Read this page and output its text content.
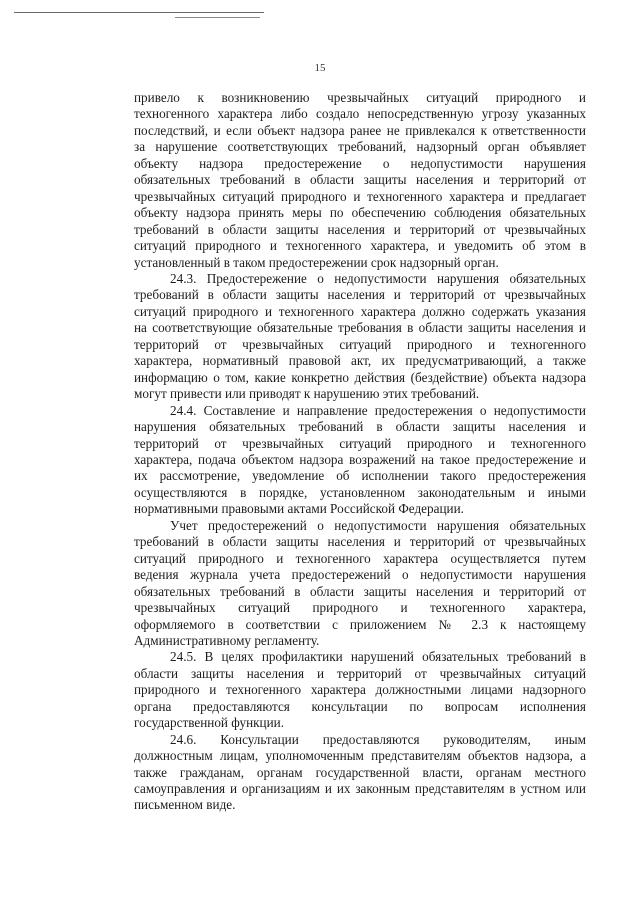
15

привело к возникновению чрезвычайных ситуаций природного и

техногенного характера либо создало непосредственную угрозу указанных

последствий, и если объект надзора ранее не привлекался к ответственности

за нарушение соответствующих требований, надзорный орган объявляет

объекту надзора предостережение о недопустимости нарушения

обязательных требований в области защиты населения и территорий от

чрезвычайных ситуаций природного и техногенного характера и предлагает

объекту надзора принять меры по обеспечению соблюдения обязательных

требований в области защиты населения и территорий от чрезвычайных

ситуаций природного и техногенного характера, и уведомить об этом в

установленный в таком предостережении срок надзорный орган.

24.3. Предостережение о недопустимости нарушения обязательных

требований в области защиты населения и территорий от чрезвычайных

ситуаций природного и техногенного характера должно содержать указания

на соответствующие обязательные требования в области защиты населения и

территорий от чрезвычайных ситуаций природного и техногенного

характера, нормативный правовой акт, их предусматривающий, а также

информацию о том, какие конкретно действия (бездействие) объекта надзора

могут привести или приводят к нарушению этих требований.

24.4. Составление и направление предостережения о недопустимости

нарушения обязательных требований в области защиты населения и

территорий от чрезвычайных ситуаций природного и техногенного

характера, подача объектом надзора возражений на такое предостережение и

их рассмотрение, уведомление об исполнении такого предостережения

осуществляются в порядке, установленном законодательным и иными

нормативными правовыми актами Российской Федерации.

Учет предостережений о недопустимости нарушения обязательных

требований в области защиты населения и территорий от чрезвычайных

ситуаций природного и техногенного характера осуществляется путем

ведения журнала учета предостережений о недопустимости нарушения

обязательных требований в области защиты населения и территорий от

чрезвычайных ситуаций природного и техногенного характера,

оформляемого в соответствии с приложением № 2.3 к настоящему

Административному регламенту.

24.5. В целях профилактики нарушений обязательных требований в

области защиты населения и территорий от чрезвычайных ситуаций

природного и техногенного характера должностными лицами надзорного

органа предоставляются консультации по вопросам исполнения

государственной функции.

24.6. Консультации предоставляются руководителям, иным

должностным лицам, уполномоченным представителям объектов надзора, а

также гражданам, органам государственной власти, органам местного

самоуправления и организациям и их законным представителям в устном или

письменном виде.
